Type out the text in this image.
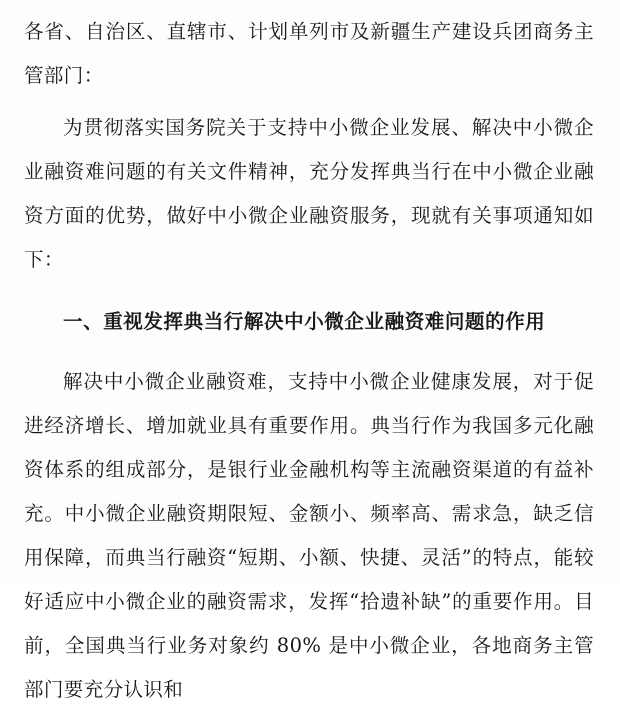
各省、自治区、直辖市、计划单列市及新疆生产建设兵团商务主管部门：

为贯彻落实国务院关于支持中小微企业发展、解决中小微企业融资难问题的有关文件精神，充分发挥典当行在中小微企业融资方面的优势，做好中小微企业融资服务，现就有关事项通知如下：

一、重视发挥典当行解决中小微企业融资难问题的作用

解决中小微企业融资难，支持中小微企业健康发展，对于促进经济增长、增加就业具有重要作用。典当行作为我国多元化融资体系的组成部分，是银行业金融机构等主流融资渠道的有益补充。中小微企业融资期限短、金额小、频率高、需求急，缺乏信用保障，而典当行融资“短期、小额、快捷、灵活”的特点，能较好适应中小微企业的融资需求，发挥“拾遗补缺”的重要作用。目前，全国典当行业务对象约 80% 是中小微企业，各地商务主管部门要充分认识和
